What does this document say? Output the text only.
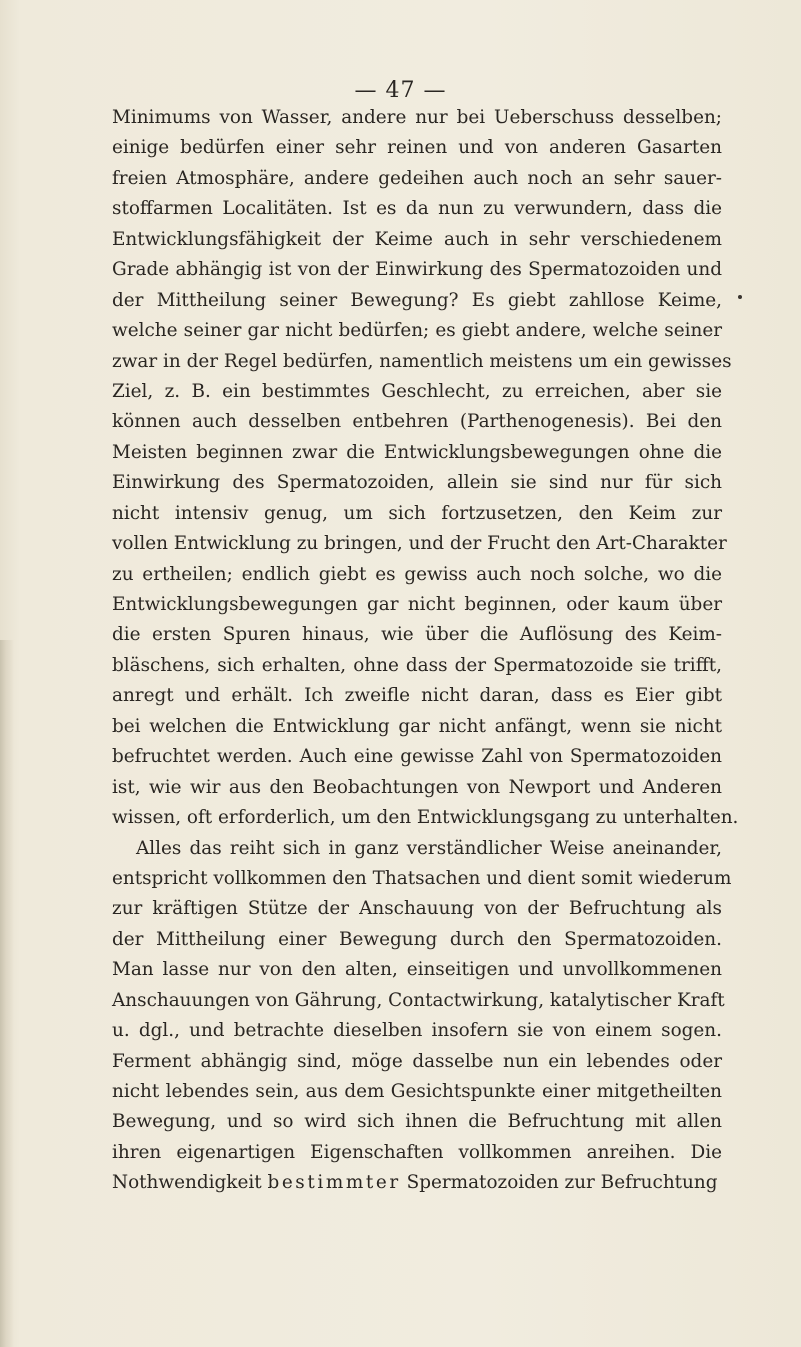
— 47 —
Minimums von Wasser, andere nur bei Ueberschuss desselben;
einige bedürfen einer sehr reinen und von anderen Gasarten
freien Atmosphäre, andere gedeihen auch noch an sehr sauer-
stoffarmen Localitäten. Ist es da nun zu verwundern, dass die
Entwicklungsfähigkeit der Keime auch in sehr verschiedenem
Grade abhängig ist von der Einwirkung des Spermatozoiden und
der Mittheilung seiner Bewegung? Es giebt zahllose Keime,
welche seiner gar nicht bedürfen; es giebt andere, welche seiner
zwar in der Regel bedürfen, namentlich meistens um ein gewisses
Ziel, z. B. ein bestimmtes Geschlecht, zu erreichen, aber sie
können auch desselben entbehren (Parthenogenesis). Bei den
Meisten beginnen zwar die Entwicklungsbewegungen ohne die
Einwirkung des Spermatozoiden, allein sie sind nur für sich
nicht intensiv genug, um sich fortzusetzen, den Keim zur
vollen Entwicklung zu bringen, und der Frucht den Art-Charakter
zu ertheilen; endlich giebt es gewiss auch noch solche, wo die
Entwicklungsbewegungen gar nicht beginnen, oder kaum über
die ersten Spuren hinaus, wie über die Auflösung des Keim-
bläschens, sich erhalten, ohne dass der Spermatozoide sie trifft,
anregt und erhält. Ich zweifle nicht daran, dass es Eier gibt
bei welchen die Entwicklung gar nicht anfängt, wenn sie nicht
befruchtet werden. Auch eine gewisse Zahl von Spermatozoiden
ist, wie wir aus den Beobachtungen von Newport und Anderen
wissen, oft erforderlich, um den Entwicklungsgang zu unterhalten.
Alles das reiht sich in ganz verständlicher Weise aneinander,
entspricht vollkommen den Thatsachen und dient somit wiederum
zur kräftigen Stütze der Anschauung von der Befruchtung als
der Mittheilung einer Bewegung durch den Spermatozoiden.
Man lasse nur von den alten, einseitigen und unvollkommenen
Anschauungen von Gährung, Contactwirkung, katalytischer Kraft
u. dgl., und betrachte dieselben insofern sie von einem sogen.
Ferment abhängig sind, möge dasselbe nun ein lebendes oder
nicht lebendes sein, aus dem Gesichtspunkte einer mitgetheilten
Bewegung, und so wird sich ihnen die Befruchtung mit allen
ihren eigenartigen Eigenschaften vollkommen anreihen. Die
Nothwendigkeit bestimmter Spermatozoiden zur Befruchtung
